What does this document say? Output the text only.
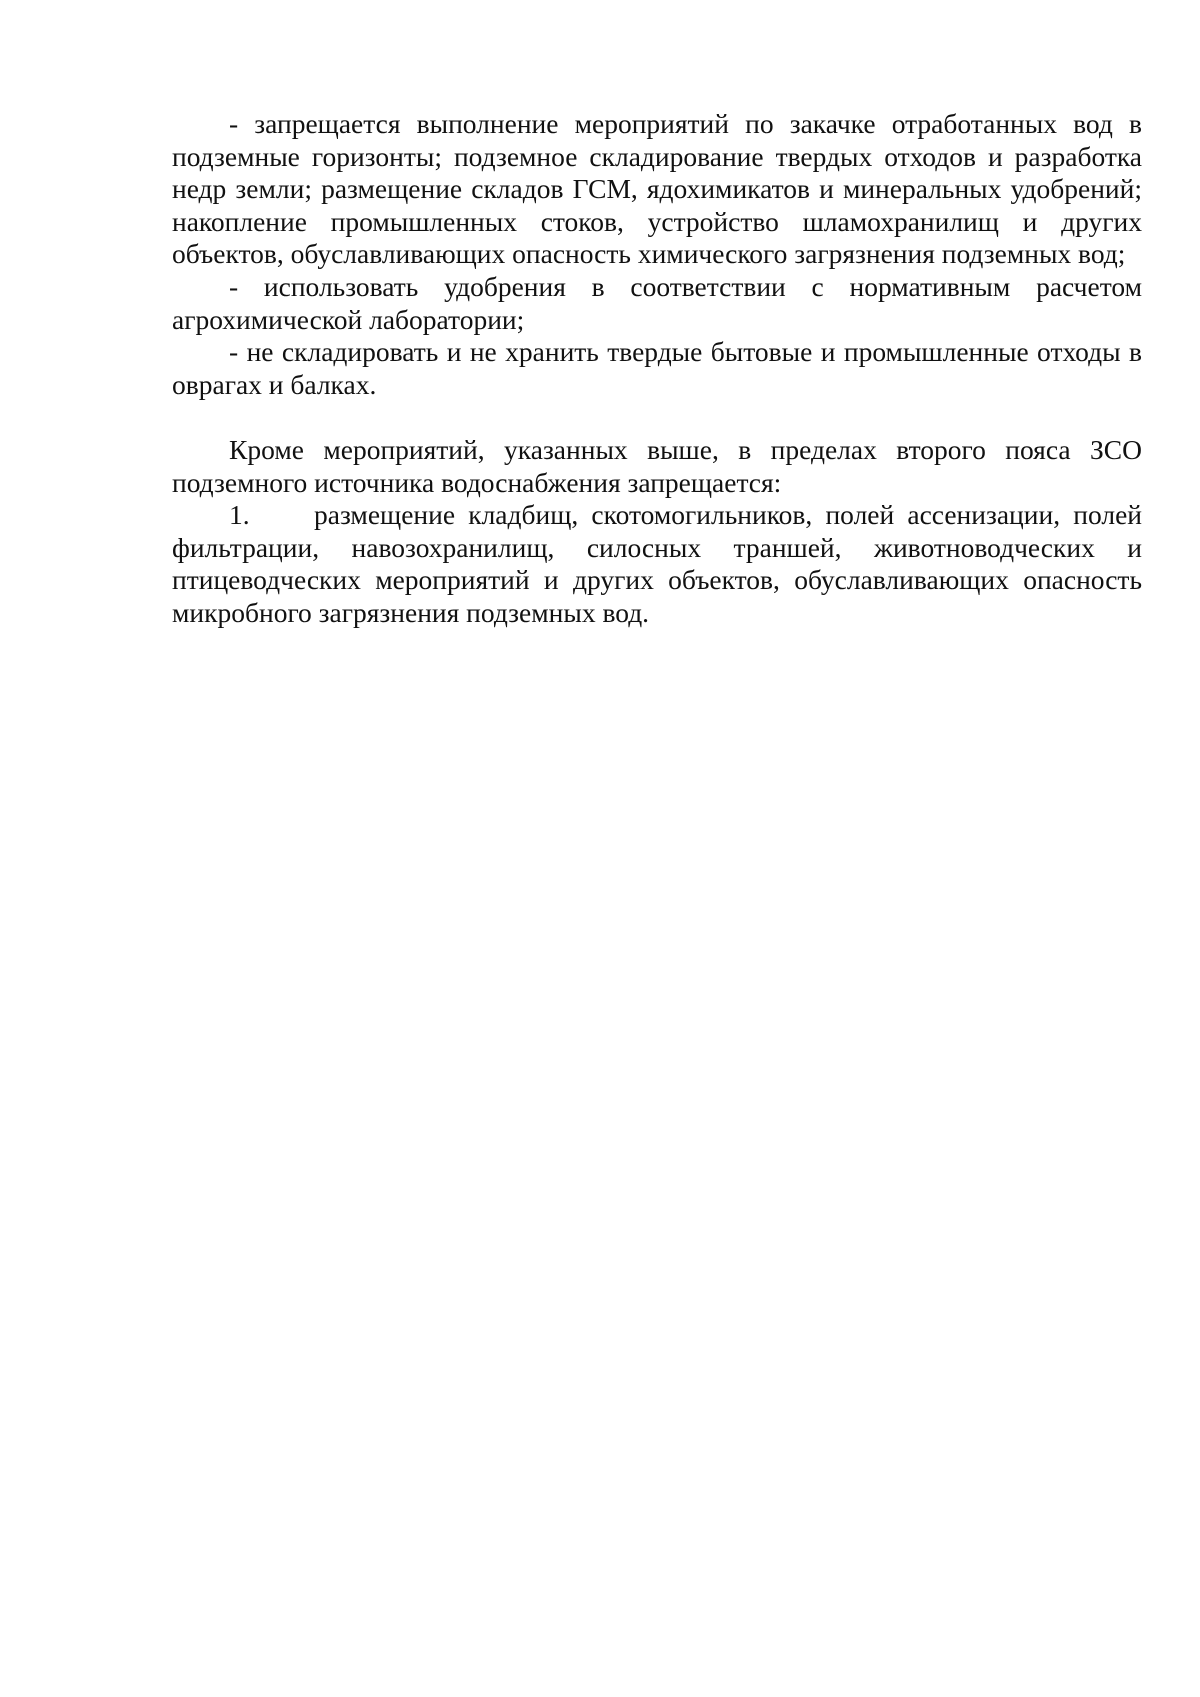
- запрещается выполнение мероприятий по закачке отработанных вод в подземные горизонты; подземное складирование твердых отходов и разработка недр земли; размещение складов ГСМ, ядохимикатов и минеральных удобрений; накопление промышленных стоков, устройство шламохранилищ и других объектов, обуславливающих опасность химического загрязнения подземных вод;

- использовать удобрения в соответствии с нормативным расчетом агрохимической лаборатории;

- не складировать и не хранить твердые бытовые и промышленные отходы в оврагах и балках.

Кроме мероприятий, указанных выше, в пределах второго пояса ЗСО подземного источника водоснабжения запрещается:

1. размещение кладбищ, скотомогильников, полей ассенизации, полей фильтрации, навозохранилищ, силосных траншей, животноводческих и птицеводческих мероприятий и других объектов, обуславливающих опасность микробного загрязнения подземных вод.
